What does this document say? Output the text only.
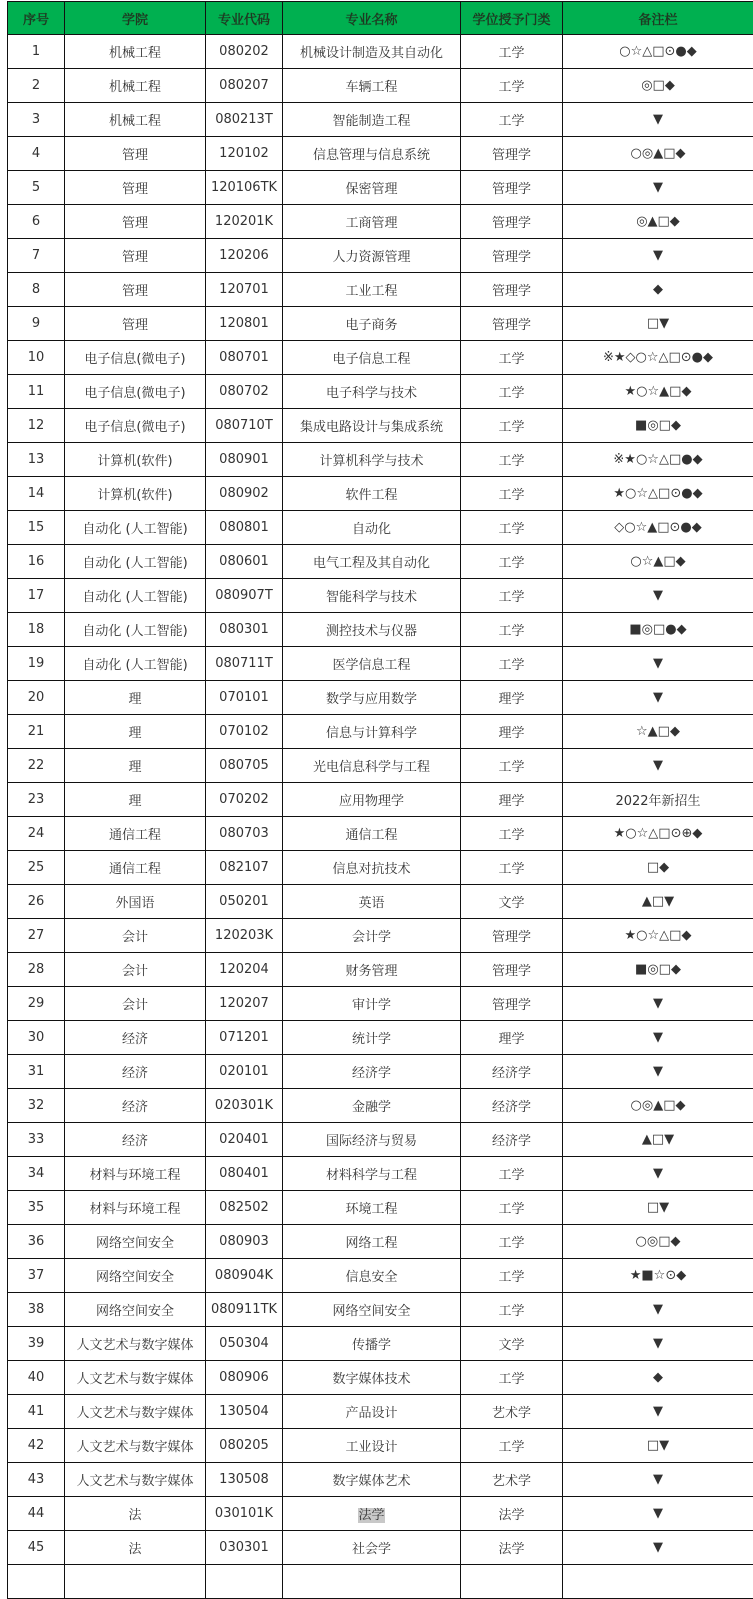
序号	学院	专业代码	专业名称	学位授予门类	备注栏
1	机械工程	080202	机械设计制造及其自动化	工学	○☆△□⊙●◆
2	机械工程	080207	车辆工程	工学	◎□◆
3	机械工程	080213T	智能制造工程	工学	▼
4	管理	120102	信息管理与信息系统	管理学	○◎▲□◆
5	管理	120106TK	保密管理	管理学	▼
6	管理	120201K	工商管理	管理学	◎▲□◆
7	管理	120206	人力资源管理	管理学	▼
8	管理	120701	工业工程	管理学	◆
9	管理	120801	电子商务	管理学	□▼
10	电子信息(微电子)	080701	电子信息工程	工学	※★◇○☆△□⊙●◆
11	电子信息(微电子)	080702	电子科学与技术	工学	★○☆▲□◆
12	电子信息(微电子)	080710T	集成电路设计与集成系统	工学	■◎□◆
13	计算机(软件)	080901	计算机科学与技术	工学	※★○☆△□●◆
14	计算机(软件)	080902	软件工程	工学	★○☆△□⊙●◆
15	自动化 (人工智能)	080801	自动化	工学	◇○☆▲□⊙●◆
16	自动化 (人工智能)	080601	电气工程及其自动化	工学	○☆▲□◆
17	自动化 (人工智能)	080907T	智能科学与技术	工学	▼
18	自动化 (人工智能)	080301	测控技术与仪器	工学	■◎□●◆
19	自动化 (人工智能)	080711T	医学信息工程	工学	▼
20	理	070101	数学与应用数学	理学	▼
21	理	070102	信息与计算科学	理学	☆▲□◆
22	理	080705	光电信息科学与工程	工学	▼
23	理	070202	应用物理学	理学	2022年新招生
24	通信工程	080703	通信工程	工学	★○☆△□⊙⊕◆
25	通信工程	082107	信息对抗技术	工学	□◆
26	外国语	050201	英语	文学	▲□▼
27	会计	120203K	会计学	管理学	★○☆△□◆
28	会计	120204	财务管理	管理学	■◎□◆
29	会计	120207	审计学	管理学	▼
30	经济	071201	统计学	理学	▼
31	经济	020101	经济学	经济学	▼
32	经济	020301K	金融学	经济学	○◎▲□◆
33	经济	020401	国际经济与贸易	经济学	▲□▼
34	材料与环境工程	080401	材料科学与工程	工学	▼
35	材料与环境工程	082502	环境工程	工学	□▼
36	网络空间安全	080903	网络工程	工学	○◎□◆
37	网络空间安全	080904K	信息安全	工学	★■☆⊙◆
38	网络空间安全	080911TK	网络空间安全	工学	▼
39	人文艺术与数字媒体	050304	传播学	文学	▼
40	人文艺术与数字媒体	080906	数字媒体技术	工学	◆
41	人文艺术与数字媒体	130504	产品设计	艺术学	▼
42	人文艺术与数字媒体	080205	工业设计	工学	□▼
43	人文艺术与数字媒体	130508	数字媒体艺术	艺术学	▼
44	法	030101K	法学	法学	▼
45	法	030301	社会学	法学	▼
